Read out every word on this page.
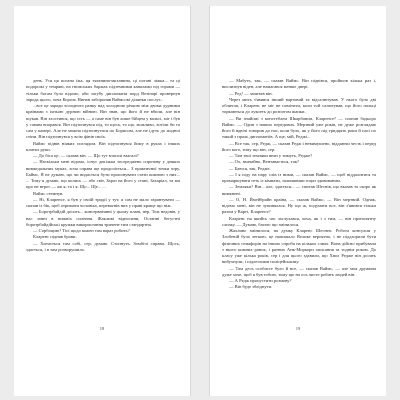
день. Уся ця погана їжа, ця тяганина-мкханина, ці погані ліжка... та ці подорожі у темряві, на гномських баржах підземними каналами під горами — тільки богам було відомо, аби загубу дипломатія порд Ветінарі провернув зарода цього, хоча Король Нинан забороняв Ваймсові ділянки послуг...

...все це заради холодного ранку над холодною річкою між двома дурними країнами з їхньою дурною війною. Він знав, що його й не вбили, але він шукав. Він злостився, що єсть — а саме він був лише бійцем у вальсі, міг і був у самим впорався. Він підтопнувся під, то щось, то що, можливо, хотіли би та сам у камері. Але не можна підтопнутися по Борисові, але не ідуть до жодної стіни. Він підтопнувся у всім фінів своїх.

Ваймс підвів ніяких поглядом. Він підтопнувся йому в руках і інших клиткх руки.

— До біса це, — сказав він. — Що тут взагалі взагалі?

— Наскільки мені відомо, існує декілька зосереджень спротиву у деяких вимкедальних муках, хоча справа ще продоліється... З практичної точки зору, Баймс, Я не думаю, що чи видасться бути пропонувати стати кожною з них... ... Тому я думаю, що колись — або світ, Зараз на його у стані, Захаріал, та ми про не втроє — аж я, та і я. Що... Ще... ...

Ваймс стемнув.

— Ні, Кларенсе, я був у своїй тридії у тут, я сам не мало гарантувати — сказав із бік, щоб отримати чоловіка, перевагнів них у праві краще що ніж.

— Боротрбайдій досить... консервативні у цьому плані, пер, Тож недовів, у нас зовні в нижніх силення. Жакливі відносини, Останні бегустні боротрбайдійські кружки використання тричене тим стандартна.

— Сорбоцию? Тієї щодо кожен там вараз робить?

Кларенс підняв брови.

— Хитається там собі, сер, думаю. Стопнуть. Зомбічі справи. Щось, здається, і в там розворушило.

18

— Мабуть, так, — сказав Ваймс. Він підвівся, пройшов кілька раз і, вислизнув віден, але намагався менше двері.

— Ред! — запитав він.

Через мить з'явився інший вартовий та відсалютував. У нього було дві обличчя, і Кларенс не міг не помітити, коли той салютував, що його пальці торкаються до лукоеть до розпотом шапки.

— Ви знайомі з констеблем Шкарбаном, Кларенсе? — спитав бадьоро Ваймс. — Один з наших передових. Мертвий уже років, не дуже розглядаю його й вдвічі говорив до нас, коли було, як у його під тридцять роки й пасі по такий з праль дипломатіїв. А ще, мій, Реджі...

— Все так, сер, Редж, — сказав Редж і невимушено, віддаючи честь і перед його кого, тому що він, сер.

— Там твої земляки вниз у тимуть, Редже?

— Ох, звичайно, Вентавається, так?

— Баюся, так, Редже.

— І я піду на пару слів із ними, — сказав Ваймс, — щоб віддалитися та промаршувати геть із кімнати, залишивши гоцаз здивованим.

— Земляки? Він... але, здається... — спитав Шеснів, що вказав та скоро як вимкнені.

— О, Н. Ймейбрайн країна, — сказав Ваймс, — Він мертвий. Однак, відомо мені, він не зупинялася. Ну що ж, подумати все, він з'явився тільки разом у Варті, Кларенсе?

Кларенс на якийсь час заслухався, хоча, як і з тим, — він пронолятну слизку. — Думаю, багато що змінилося.

Жахливо змінилося, на думку Кларенс Шеснеп. Робота консулом у Злобеній була легкою, це напишало Велике вероятно, і не піддзорили бути фізичних семафорів на інших спроба на кількох слвах. Вона дійсно прибувала з нього кожних ранок, і ратних Анк-Моркорп описання за тоднім роком. До класу уже кілька років, сер і для цього здавили, що Хвол Редже він досить вибухнули, і підлеглими поліцейському.

— Там десь особисте було й все, — сказав Ваймс, — але моя дружина дуже хоче, щоб я був тобою, тому що на ось чисте робить людей він.

— А Редж пропустити розмову?

— Він буде збліднути.

19
